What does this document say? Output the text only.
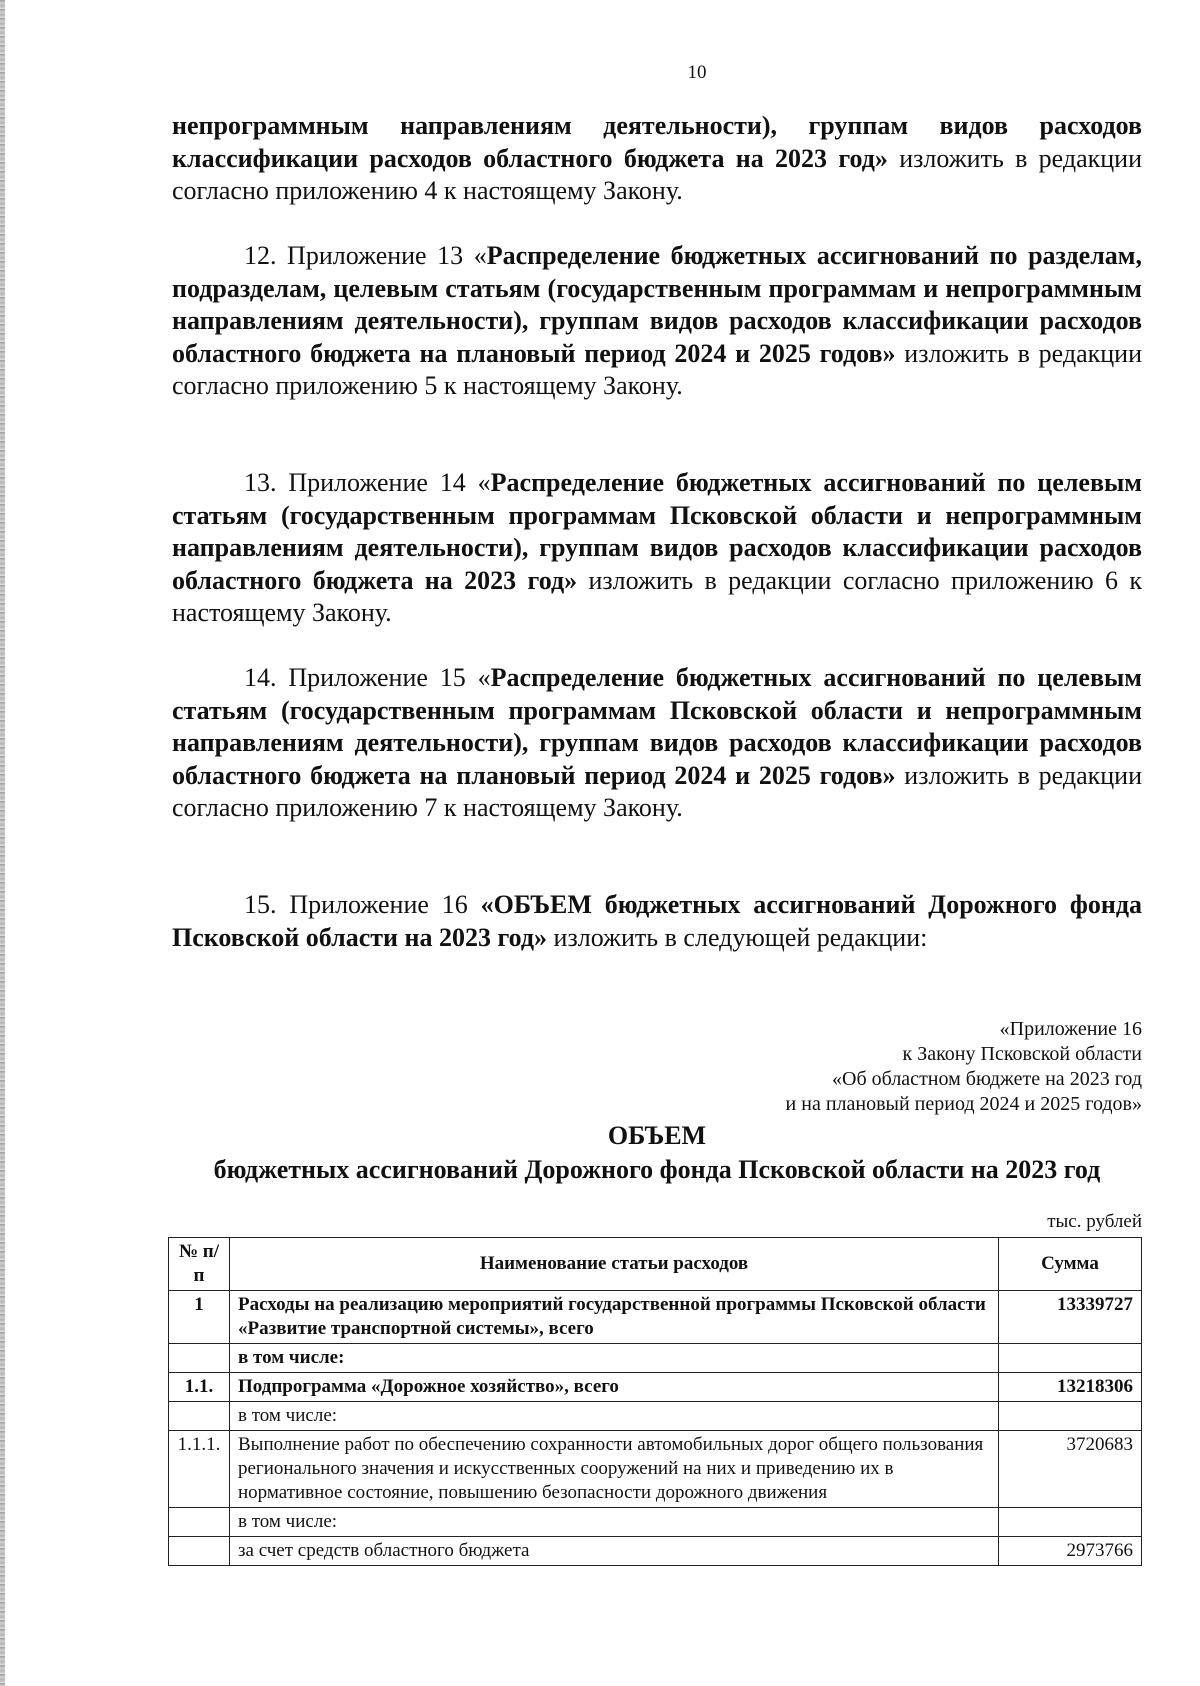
10

непрограммным направлениям деятельности), группам видов расходов классификации расходов областного бюджета на 2023 год» изложить в редакции согласно приложению 4 к настоящему Закону.

12. Приложение 13 «Распределение бюджетных ассигнований по разделам, подразделам, целевым статьям (государственным программам и непрограммным направлениям деятельности), группам видов расходов классификации расходов областного бюджета на плановый период 2024 и 2025 годов» изложить в редакции согласно приложению 5 к настоящему Закону.

13. Приложение 14 «Распределение бюджетных ассигнований по целевым статьям (государственным программам Псковской области и непрограммным направлениям деятельности), группам видов расходов классификации расходов областного бюджета на 2023 год» изложить в редакции согласно приложению 6 к настоящему Закону.

14. Приложение 15 «Распределение бюджетных ассигнований по целевым статьям (государственным программам Псковской области и непрограммным направлениям деятельности), группам видов расходов классификации расходов областного бюджета на плановый период 2024 и 2025 годов» изложить в редакции согласно приложению 7 к настоящему Закону.

15. Приложение 16 «ОБЪЕМ бюджетных ассигнований Дорожного фонда Псковской области на 2023 год» изложить в следующей редакции:

«Приложение 16
к Закону Псковской области
«Об областном бюджете на 2023 год
и на плановый период 2024 и 2025 годов»
ОБЪЕМ
бюджетных ассигнований Дорожного фонда Псковской области на 2023 год
тыс. рублей
№ п/п	Наименование статьи расходов	Сумма
1	Расходы на реализацию мероприятий государственной программы Псковской области «Развитие транспортной системы», всего	13339727
	в том числе:	
1.1.	Подпрограмма «Дорожное хозяйство», всего	13218306
	в том числе:	
1.1.1.	Выполнение работ по обеспечению сохранности автомобильных дорог общего пользования регионального значения и искусственных сооружений на них и приведению их в нормативное состояние, повышению безопасности дорожного движения	3720683
	в том числе:	
	за счет средств областного бюджета	2973766
